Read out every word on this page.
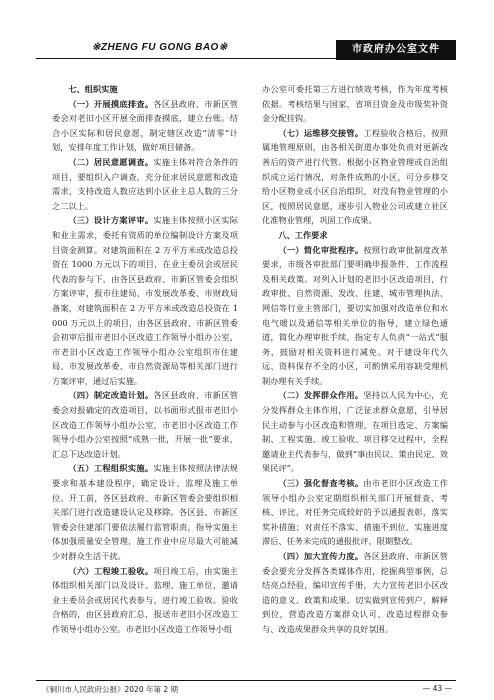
※ZHENG FU GONG BAO※	市政府办公室文件

七、组织实施

（一）开展摸底排查。各区县政府、市新区管委会对老旧小区开展全面排查摸底，建立台账。结合小区实际和居民意愿，制定辖区改造“清零”计划，安排年度工作计划，做好项目储备。

（二）居民意愿调查。实施主体对符合条件的项目，要组织入户调查，充分征求居民意愿和改造需求，支持改造人数应达到小区业主总人数的三分之二以上。

（三）设计方案评审。实施主体按照小区实际和业主需求，委托有资质的单位编制设计方案及项目资金测算。对建筑面积在 2 万平方米或改造总投资在 1000 万元以下的项目，在业主委员会或居民代表的参与下，由各区县政府、市新区管委会组织方案评审，报市住建局、市发展改革委、市财政局备案，对建筑面积在 2 万平方米或改造总投资在 1000 万元以上的项目，由各区县政府、市新区管委会初审后报市老旧小区改造工作领导小组办公室，市老旧小区改造工作领导小组办公室组织市住建局、市发展改革委、市自然资源局等相关部门进行方案评审，通过后实施。

（四）制定改造计划。各区县政府、市新区管委会对报确定的改造项目，以书面形式报市老旧小区改造工作领导小组办公室，市老旧小区改造工作领导小组办公室按照“成熟一批，开展一批”要求，汇总下达改造计划。

（五）工程组织实施。实施主体按照法律法规要求和基本建设程序，确定设计、监理及施工单位。开工前，各区县政府、市新区管委会要组织相关部门进行改造建设认定及移除。各区县、市新区管委会住建部门要依法履行监管职责，指导实施主体加强质量安全管理，施工作业中应尽最大可能减少对群众生活干扰。

（六）工程竣工验收。项目竣工后，由实施主体组织相关部门以及设计、监理、施工单位，邀请业主委员会或居民代表参与，进行竣工验收。验收合格的，由区县政府汇总，报送市老旧小区改造工作领导小组办公室。市老旧小区改造工作领导小组

办公室可委托第三方进行绩效考核，作为年度考核依据。考核结果与国家、省项目资金及市级奖补资金分配挂钩。

（七）运维移交接管。工程验收合格后，按照属地管理原则，由各相关街道办事处负责对更新改善后的资产进行代管。根据小区物业管理或自治组织成立运行情况，对条件成熟的小区，可分步移交给小区物业或小区自治组织，对没有物业管理的小区，按照居民意愿，逐步引入物业公司或建立社区化准物业管理，巩固工作成果。

八、工作要求

（一）简化审批程序。按照行政审批制度改革要求，市级各审批部门要明确申报条件、工作流程及相关政策。对列入计划的老旧小区改造项目，行政审批、自然资源、发改、住建、城市管理执法、网信等行业主管部门，要切实加强对改造单位和水电气暖以及通信等相关单位的指导，建立绿色通道，简化办理审批手续，指定专人负责“一站式”服务，鼓励对相关资料进行减免。对于建设年代久远、资料保存不全的小区，可酌情采用容缺受理机制办理有关手续。

（二）发挥群众作用。坚持以人民为中心，充分发挥群众主体作用，广泛征求群众意愿，引导居民主动参与小区改造和管理，在项目选定、方案编制、工程实施、竣工验收、项目移交过程中，全程邀请业主代表参与，做到“事由民议、策由民定、效果民评”。

（三）强化督查考核。由市老旧小区改造工作领导小组办公室定期组织相关部门开展督查、考核、评比，对任务完成较好的予以通报表彰，落实奖补措施；对责任不落实、措施不到位、实施进度滞后、任务未完成的通报批评，限期整改。

（四）加大宣传力度。各区县政府、市新区管委会要充分发挥各类媒体作用，挖掘典型事例，总结亮点经验，编印宣传手册，大力宣传老旧小区改造的意义、政策和成果。切实做到宣传到户，解释到位，营造改造方案群众认可、改造过程群众参与、改造成果群众共享的良好氛围。

《铜川市人民政府公报》2020 年第 2 期	— 43 —
